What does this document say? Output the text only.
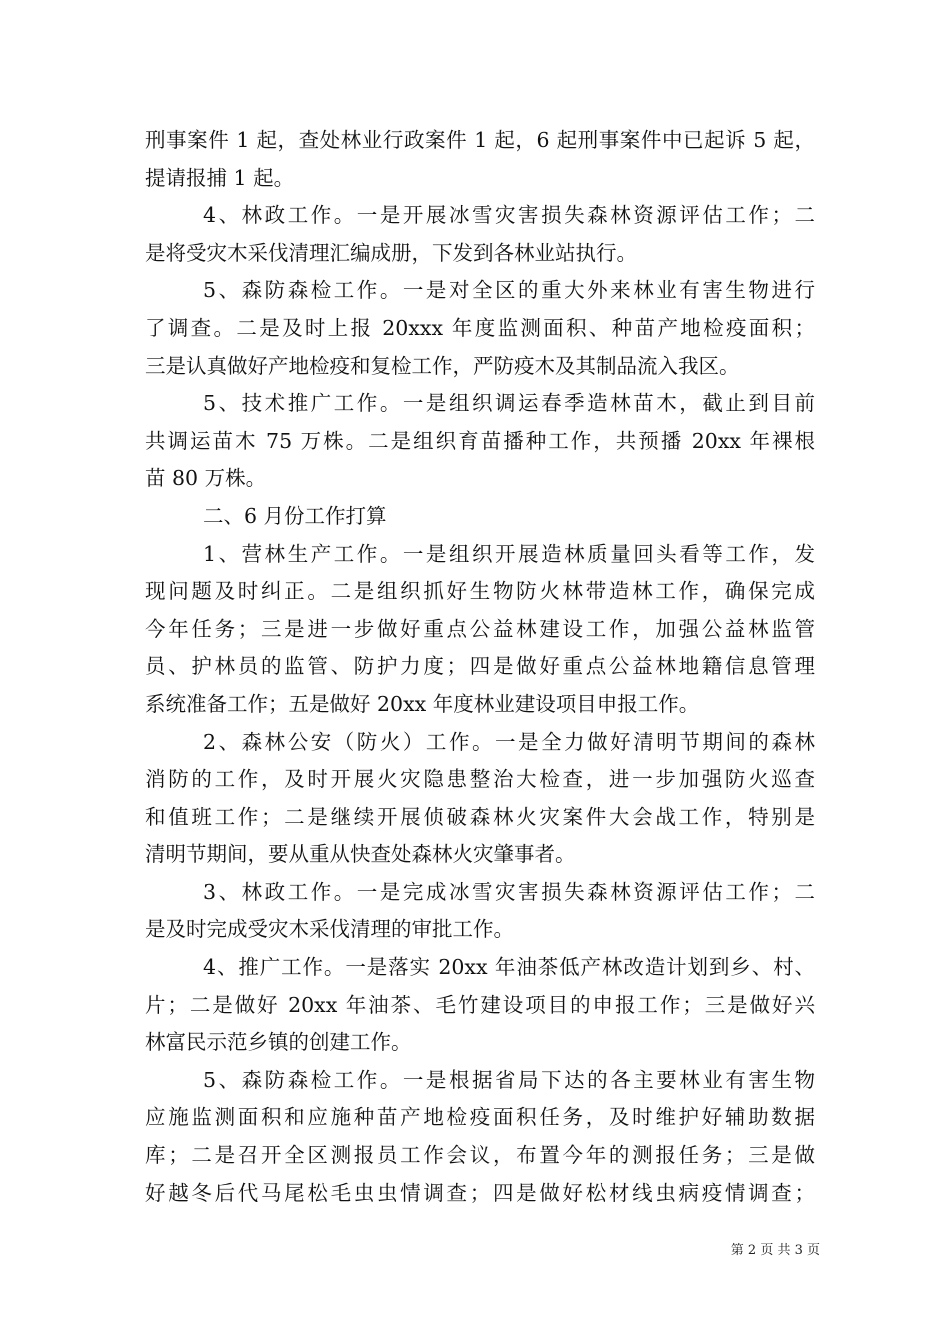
刑事案件 1 起，查处林业行政案件 1 起，6 起刑事案件中已起诉 5 起，
提请报捕 1 起。
4、林政工作。一是开展冰雪灾害损失森林资源评估工作；二
是将受灾木采伐清理汇编成册，下发到各林业站执行。
5、森防森检工作。一是对全区的重大外来林业有害生物进行
了调查。二是及时上报 20xxx 年度监测面积、种苗产地检疫面积；
三是认真做好产地检疫和复检工作，严防疫木及其制品流入我区。
5、技术推广工作。一是组织调运春季造林苗木，截止到目前
共调运苗木 75 万株。二是组织育苗播种工作，共预播 20xx 年裸根
苗 80 万株。
二、6 月份工作打算
1、营林生产工作。一是组织开展造林质量回头看等工作，发
现问题及时纠正。二是组织抓好生物防火林带造林工作，确保完成
今年任务；三是进一步做好重点公益林建设工作，加强公益林监管
员、护林员的监管、防护力度；四是做好重点公益林地籍信息管理
系统准备工作；五是做好 20xx 年度林业建设项目申报工作。
2、森林公安（防火）工作。一是全力做好清明节期间的森林
消防的工作，及时开展火灾隐患整治大检查，进一步加强防火巡查
和值班工作；二是继续开展侦破森林火灾案件大会战工作，特别是
清明节期间，要从重从快查处森林火灾肇事者。
3、林政工作。一是完成冰雪灾害损失森林资源评估工作；二
是及时完成受灾木采伐清理的审批工作。
4、推广工作。一是落实 20xx 年油茶低产林改造计划到乡、村、
片；二是做好 20xx 年油茶、毛竹建设项目的申报工作；三是做好兴
林富民示范乡镇的创建工作。
5、森防森检工作。一是根据省局下达的各主要林业有害生物
应施监测面积和应施种苗产地检疫面积任务，及时维护好辅助数据
库；二是召开全区测报员工作会议，布置今年的测报任务；三是做
好越冬后代马尾松毛虫虫情调查；四是做好松材线虫病疫情调查；
第 2 页 共 3 页
